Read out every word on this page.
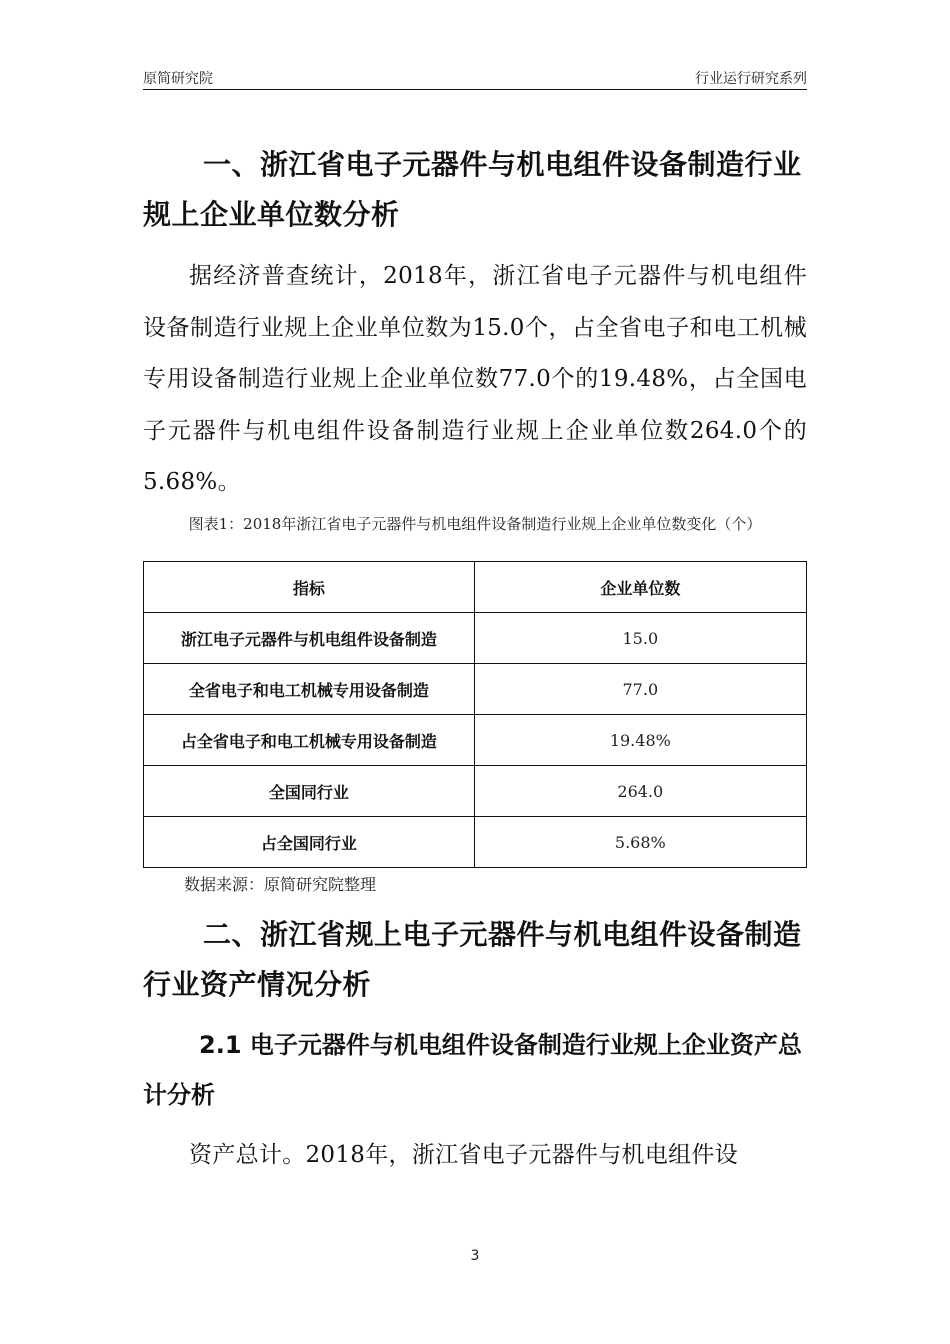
原简研究院	行业运行研究系列
一、浙江省电子元器件与机电组件设备制造行业规上企业单位数分析

据经济普查统计，2018年，浙江省电子元器件与机电组件设备制造行业规上企业单位数为15.0个，占全省电子和电工机械专用设备制造行业规上企业单位数77.0个的19.48%，占全国电子元器件与机电组件设备制造行业规上企业单位数264.0个的5.68%。

图表1：2018年浙江省电子元器件与机电组件设备制造行业规上企业单位数变化（个）

指标	企业单位数
浙江电子元器件与机电组件设备制造	15.0
全省电子和电工机械专用设备制造	77.0
占全省电子和电工机械专用设备制造	19.48%
全国同行业	264.0
占全国同行业	5.68%

数据来源：原简研究院整理

二、浙江省规上电子元器件与机电组件设备制造行业资产情况分析
2.1 电子元器件与机电组件设备制造行业规上企业资产总计分析

资产总计。2018年，浙江省电子元器件与机电组件设

3
